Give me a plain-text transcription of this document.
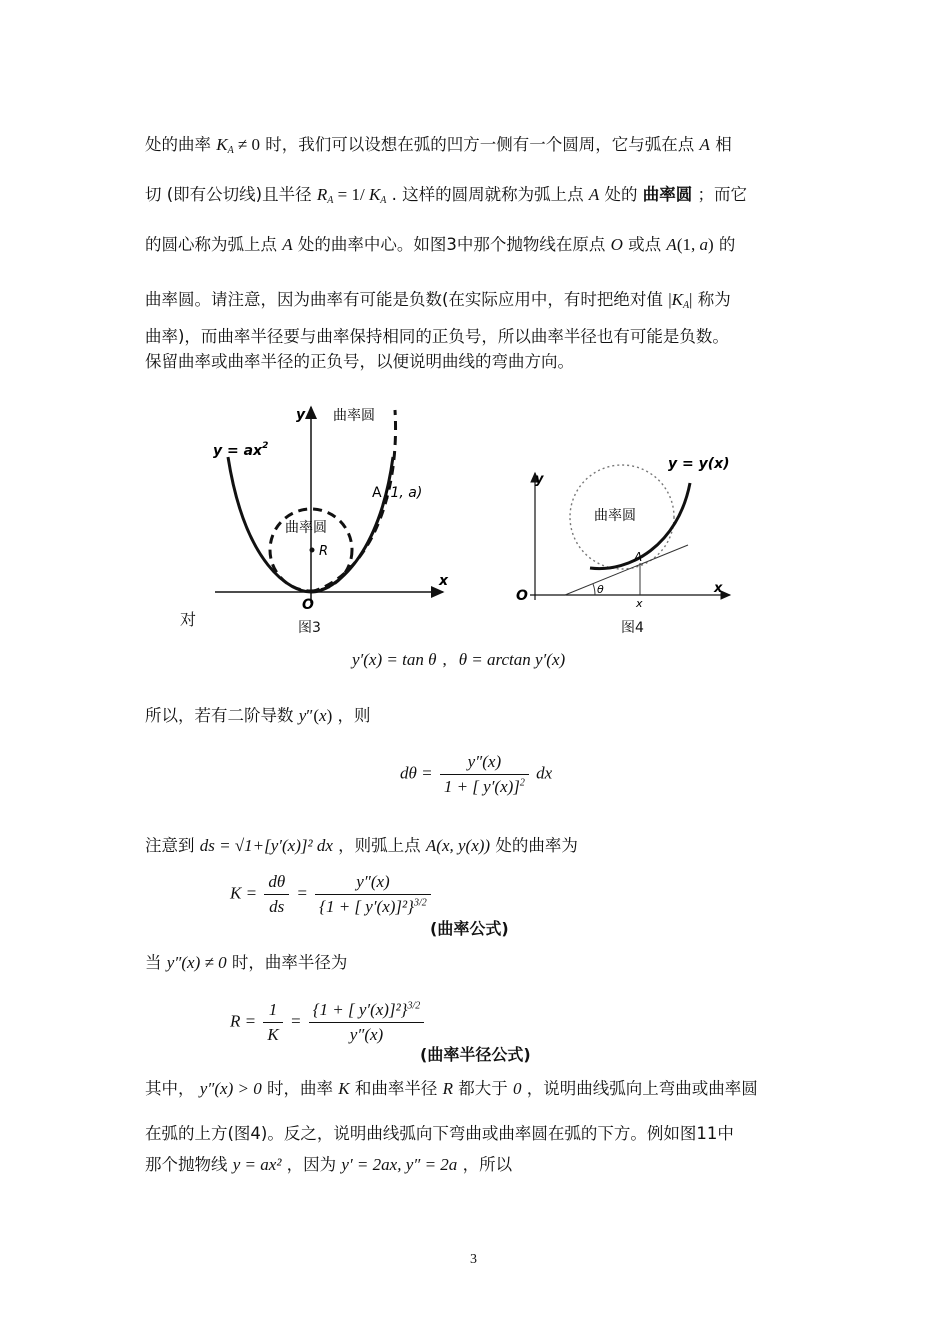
处的曲率 $K_A \ne 0$ 时，我们可以设想在弧的凹方一侧有一个圆周，它与弧在点 A 相
切 (即有公切线)且半径 $R_A = 1/$ $K_A$ . 这样的圆周就称为弧上点 A 处的 曲率圆 ；而它
的圆心称为弧上点 A 处的曲率中心。如图3中那个抛物线在原点 O 或点 A(1, a) 的
曲率圆。请注意，因为曲率有可能是负数(在实际应用中，有时把绝对值 $|K_A|$ 称为
曲率)，而曲率半径要与曲率保持相同的正负号，所以曲率半径也有可能是负数。
保留曲率或曲率半径的正负号，以便说明曲线的弯曲方向。
y
x
O
$y = ax^2$
曲率圆
曲率圆
A (1, a)
R
图3
对
y
x
O
y = y(x)
曲率圆
A
θ
x
图4
y′(x) = tan θ , θ = arctan y′(x)
所以，若有二阶导数 y″(x) ，则
$d\theta = \frac{y''(x)}{1 + [ y'(x)]^2}$ dx
注意到 ds = √1+[y′(x)]² dx ，则弧上点 A(x, y(x)) 处的曲率为
$K = \frac{d\theta}{ds} = \frac{y''(x)}{\{1 + [ y'(x)]^2\}^{3/2}}$
(曲率公式)
当 y″(x) ≠ 0 时，曲率半径为
$R = \frac{1}{K} = \frac{\{1 + [ y'(x)]^2\}^{3/2}}{y''(x)}$
(曲率半径公式)
其中， y″(x) > 0 时，曲率 K 和曲率半径 R 都大于 0 ，说明曲线弧向上弯曲或曲率圆
在弧的上方(图4)。反之，说明曲线弧向下弯曲或曲率圆在弧的下方。例如图11中
那个抛物线 y = ax² ，因为 y′ = 2ax, y″ = 2a ，所以
3
